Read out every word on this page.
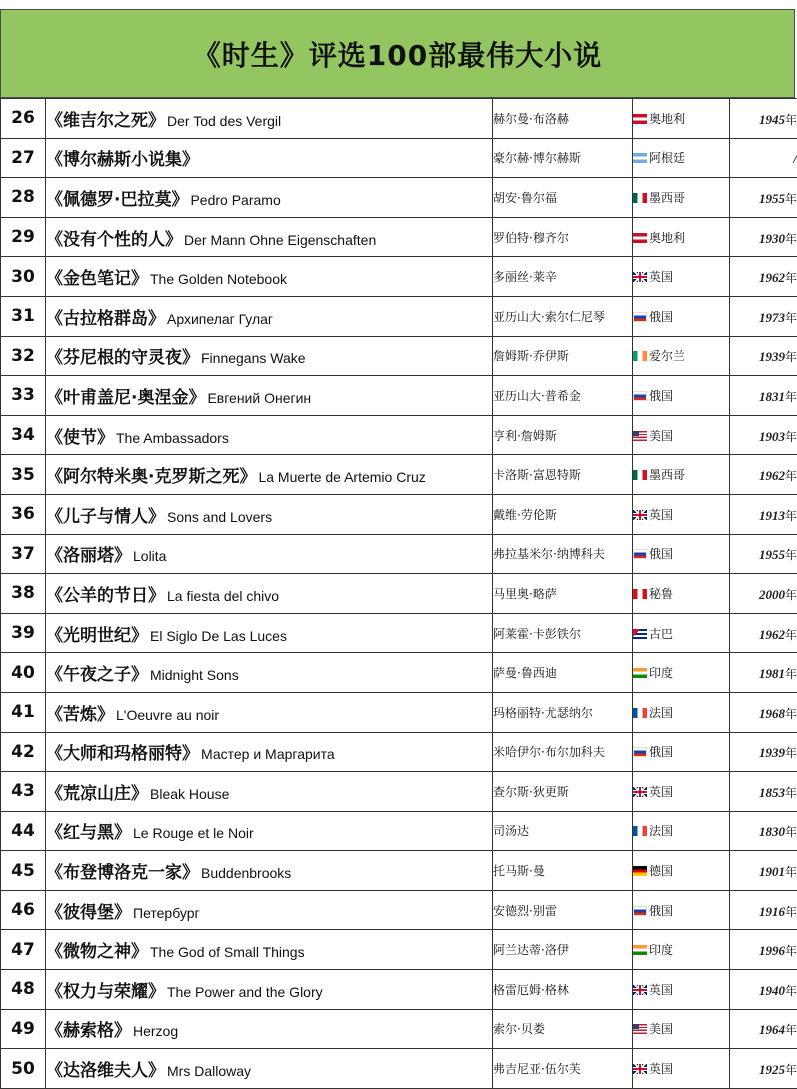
《时生》评选100部最伟大小说
26	《维吉尔之死》 Der Tod des Vergil	赫尔曼·布洛赫	奥地利	1945年
27	《博尔赫斯小说集》	豪尔赫·博尔赫斯	阿根廷	/
28	《佩德罗·巴拉莫》 Pedro Paramo	胡安·鲁尔福	墨西哥	1955年
29	《没有个性的人》 Der Mann Ohne Eigenschaften	罗伯特·穆齐尔	奥地利	1930年
30	《金色笔记》 The Golden Notebook	多丽丝·莱辛	英国	1962年
31	《古拉格群岛》 Архипелаг Гулаг	亚历山大·索尔仁尼琴	俄国	1973年
32	《芬尼根的守灵夜》 Finnegans Wake	詹姆斯·乔伊斯	爱尔兰	1939年
33	《叶甫盖尼·奥涅金》 Евгений Онегин	亚历山大·普希金	俄国	1831年
34	《使节》 The Ambassadors	亨利·詹姆斯	美国	1903年
35	《阿尔特米奥·克罗斯之死》 La Muerte de Artemio Cruz	卡洛斯·富恩特斯	墨西哥	1962年
36	《儿子与情人》 Sons and Lovers	戴维·劳伦斯	英国	1913年
37	《洛丽塔》 Lolita	弗拉基米尔·纳博科夫	俄国	1955年
38	《公羊的节日》 La fiesta del chivo	马里奥·略萨	秘鲁	2000年
39	《光明世纪》 El Siglo De Las Luces	阿莱霍·卡彭铁尔	古巴	1962年
40	《午夜之子》 Midnight Sons	萨曼·鲁西迪	印度	1981年
41	《苦炼》 L'Oeuvre au noir	玛格丽特·尤瑟纳尔	法国	1968年
42	《大师和玛格丽特》 Мастер и Маргарита	米哈伊尔·布尔加科夫	俄国	1939年
43	《荒凉山庄》 Bleak House	查尔斯·狄更斯	英国	1853年
44	《红与黑》 Le Rouge et le Noir	司汤达	法国	1830年
45	《布登博洛克一家》 Buddenbrooks	托马斯·曼	德国	1901年
46	《彼得堡》 Петербург	安德烈·别雷	俄国	1916年
47	《微物之神》 The God of Small Things	阿兰达蒂·洛伊	印度	1996年
48	《权力与荣耀》 The Power and the Glory	格雷厄姆·格林	英国	1940年
49	《赫索格》 Herzog	索尔·贝娄	美国	1964年
50	《达洛维夫人》 Mrs Dalloway	弗吉尼亚·伍尔芙	英国	1925年
